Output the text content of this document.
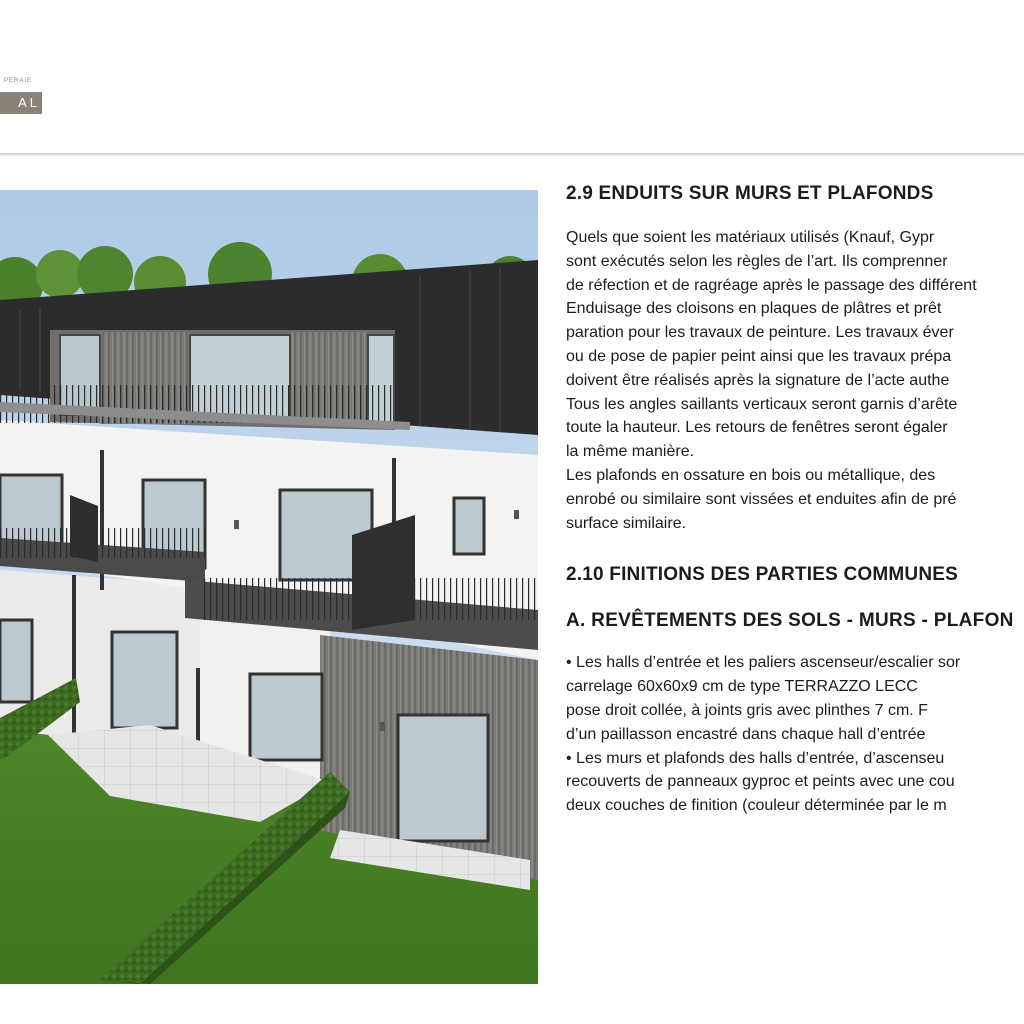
PERAIE
AL
2.9 ENDUITS SUR MURS ET PLAFONDS

Quels que soient les matériaux utilisés (Knauf, Gypr

sont exécutés selon les règles de l’art. Ils comprenner

de réfection et de ragréage après le passage des différent

Enduisage des cloisons en plaques de plâtres et prêt

paration pour les travaux de peinture. Les travaux éver

ou de pose de papier peint ainsi que les travaux prépa

doivent être réalisés après la signature de l’acte authe

Tous les angles saillants verticaux seront garnis d’arête

toute la hauteur. Les retours de fenêtres seront égaler

la même manière.

Les plafonds en ossature en bois ou métallique, des

enrobé ou similaire sont vissées et enduites afin de pré

surface similaire.

2.10 FINITIONS DES PARTIES COMMUNES
A. REVÊTEMENTS DES SOLS - MURS - PLAFON

• Les halls d’entrée et les paliers ascenseur/escalier sor

carrelage 60x60x9 cm de type TERRAZZO LECC

pose droit collée, à joints gris avec plinthes 7 cm. F

d’un paillasson encastré dans chaque hall d’entrée

• Les murs et plafonds des halls d’entrée, d’ascenseu

recouverts de panneaux gyproc et peints avec une cou

deux couches de finition (couleur déterminée par le m
